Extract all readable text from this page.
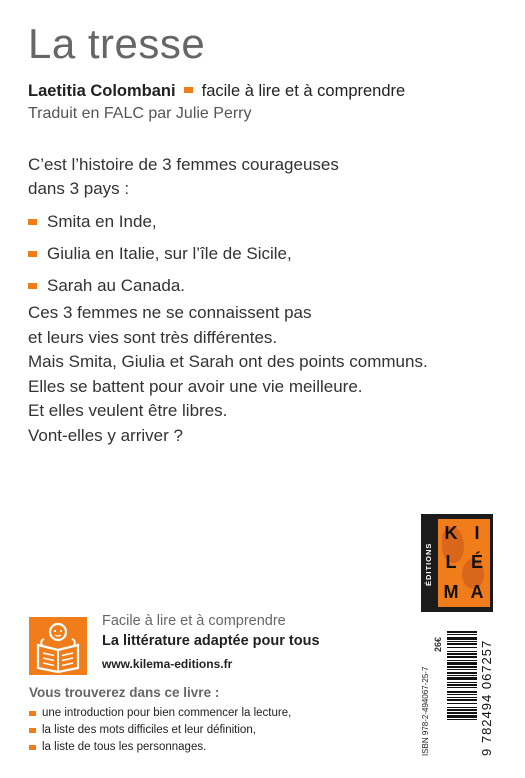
La tresse
Laetitia Colombani facile à lire et à comprendre
Traduit en FALC par Julie Perry
C’est l’histoire de 3 femmes courageuses
dans 3 pays :
Smita en Inde,
Giulia en Italie, sur l’île de Sicile,
Sarah au Canada.
Ces 3 femmes ne se connaissent pas
et leurs vies sont très différentes.
Mais Smita, Giulia et Sarah ont des points communs.
Elles se battent pour avoir une vie meilleure.
Et elles veulent être libres.
Vont-elles y arriver ?
ÉDITIONS
K I
L É
M A
Facile à lire et à comprendre
La littérature adaptée pour tous
www.kilema-editions.fr
Vous trouverez dans ce livre :
une introduction pour bien commencer la lecture,
la liste des mots difficiles et leur définition,
la liste de tous les personnages.	ISBN 978-2-494067-25-7
26€	9 782494 067257
